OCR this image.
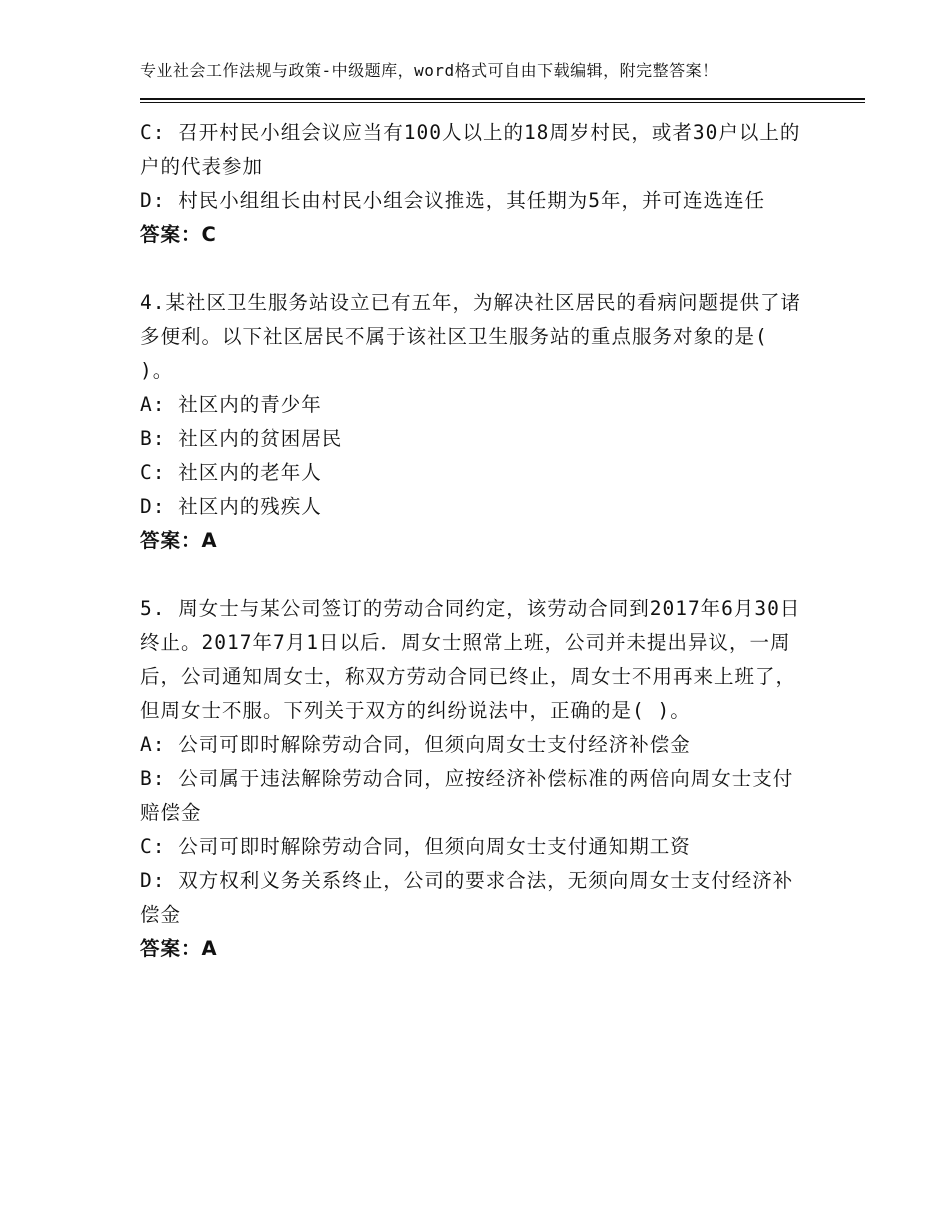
专业社会工作法规与政策-中级题库，word格式可自由下载编辑，附完整答案！
C: 召开村民小组会议应当有100人以上的18周岁村民，或者30户以上的户的代表参加
D: 村民小组组长由村民小组会议推选，其任期为5年，并可连选连任
答案：C
4.某社区卫生服务站设立已有五年，为解决社区居民的看病问题提供了诸多便利。以下社区居民不属于该社区卫生服务站的重点服务对象的是(   )。
A: 社区内的青少年
B: 社区内的贫困居民
C: 社区内的老年人
D: 社区内的残疾人
答案：A
5. 周女士与某公司签订的劳动合同约定，该劳动合同到2017年6月30日终止。2017年7月1日以后．周女士照常上班，公司并未提出异议，一周后，公司通知周女士，称双方劳动合同已终止，周女士不用再来上班了，但周女士不服。下列关于双方的纠纷说法中，正确的是( )。
A: 公司可即时解除劳动合同，但须向周女士支付经济补偿金
B: 公司属于违法解除劳动合同，应按经济补偿标准的两倍向周女士支付赔偿金
C: 公司可即时解除劳动合同，但须向周女士支付通知期工资
D: 双方权利义务关系终止，公司的要求合法，无须向周女士支付经济补偿金
答案：A
